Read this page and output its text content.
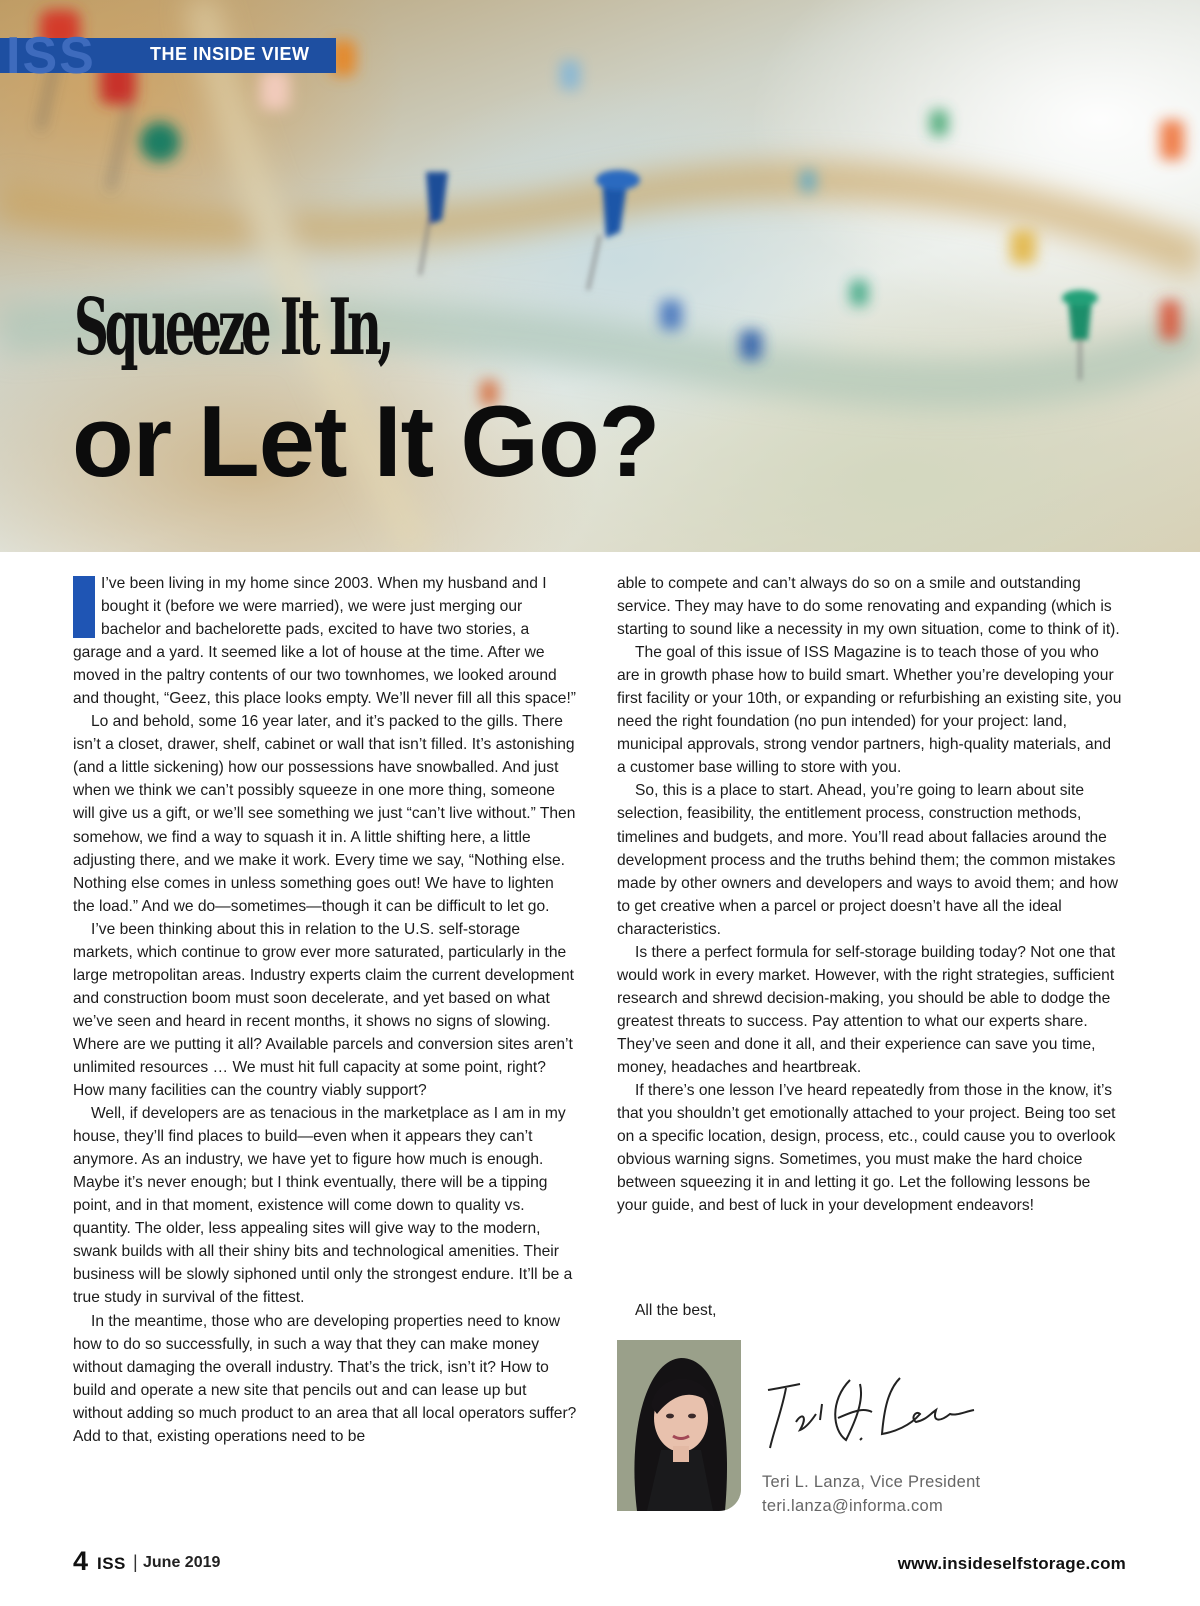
ISS	THE INSIDE VIEW
Squeeze It In,
or Let It Go?

I’ve been living in my home since 2003. When my husband and I bought it (before we were married), we were just merging our bachelor and bachelorette pads, excited to have two stories, a garage and a yard. It seemed like a lot of house at the time. After we moved in the paltry contents of our two townhomes, we looked around and thought, “Geez, this place looks empty. We’ll never fill all this space!”

Lo and behold, some 16 year later, and it’s packed to the gills. There isn’t a closet, drawer, shelf, cabinet or wall that isn’t filled. It’s astonishing (and a little sickening) how our possessions have snowballed. And just when we think we can’t possibly squeeze in one more thing, someone will give us a gift, or we’ll see something we just “can’t live without.” Then somehow, we find a way to squash it in. A little shifting here, a little adjusting there, and we make it work. Every time we say, “Nothing else. Nothing else comes in unless something goes out! We have to lighten the load.” And we do—sometimes—though it can be difficult to let go.

I’ve been thinking about this in relation to the U.S. self-storage markets, which continue to grow ever more saturated, particularly in the large metropolitan areas. Industry experts claim the current development and construction boom must soon decelerate, and yet based on what we’ve seen and heard in recent months, it shows no signs of slowing. Where are we putting it all? Available parcels and conversion sites aren’t unlimited resources … We must hit full capacity at some point, right? How many facilities can the country viably support?

Well, if developers are as tenacious in the marketplace as I am in my house, they’ll find places to build—even when it appears they can’t anymore. As an industry, we have yet to figure how much is enough. Maybe it’s never enough; but I think eventually, there will be a tipping point, and in that moment, existence will come down to quality vs. quantity. The older, less appealing sites will give way to the modern, swank builds with all their shiny bits and technological amenities. Their business will be slowly siphoned until only the strongest endure. It’ll be a true study in survival of the fittest.

In the meantime, those who are developing properties need to know how to do so successfully, in such a way that they can make money without damaging the overall industry. That’s the trick, isn’t it? How to build and operate a new site that pencils out and can lease up but without adding so much product to an area that all local operators suffer? Add to that, existing operations need to be

able to compete and can’t always do so on a smile and outstanding service. They may have to do some renovating and expanding (which is starting to sound like a necessity in my own situation, come to think of it).

The goal of this issue of ISS Magazine is to teach those of you who are in growth phase how to build smart. Whether you’re developing your first facility or your 10th, or expanding or refurbishing an existing site, you need the right foundation (no pun intended) for your project: land, municipal approvals, strong vendor partners, high-quality materials, and a customer base willing to store with you.

So, this is a place to start. Ahead, you’re going to learn about site selection, feasibility, the entitlement process, construction methods, timelines and budgets, and more. You’ll read about fallacies around the development process and the truths behind them; the common mistakes made by other owners and developers and ways to avoid them; and how to get creative when a parcel or project doesn’t have all the ideal characteristics.

Is there a perfect formula for self-storage building today? Not one that would work in every market. However, with the right strategies, sufficient research and shrewd decision-making, you should be able to dodge the greatest threats to success. Pay attention to what our experts share. They’ve seen and done it all, and their experience can save you time, money, headaches and heartbreak.

If there’s one lesson I’ve heard repeatedly from those in the know, it’s that you shouldn’t get emotionally attached to your project. Being too set on a specific location, design, process, etc., could cause you to overlook obvious warning signs. Sometimes, you must make the hard choice between squeezing it in and letting it go. Let the following lessons be your guide, and best of luck in your development endeavors!

All the best,
Teri L. Lanza, Vice President
teri.lanza@informa.com
4 ISS | June 2019	www.insideselfstorage.com
